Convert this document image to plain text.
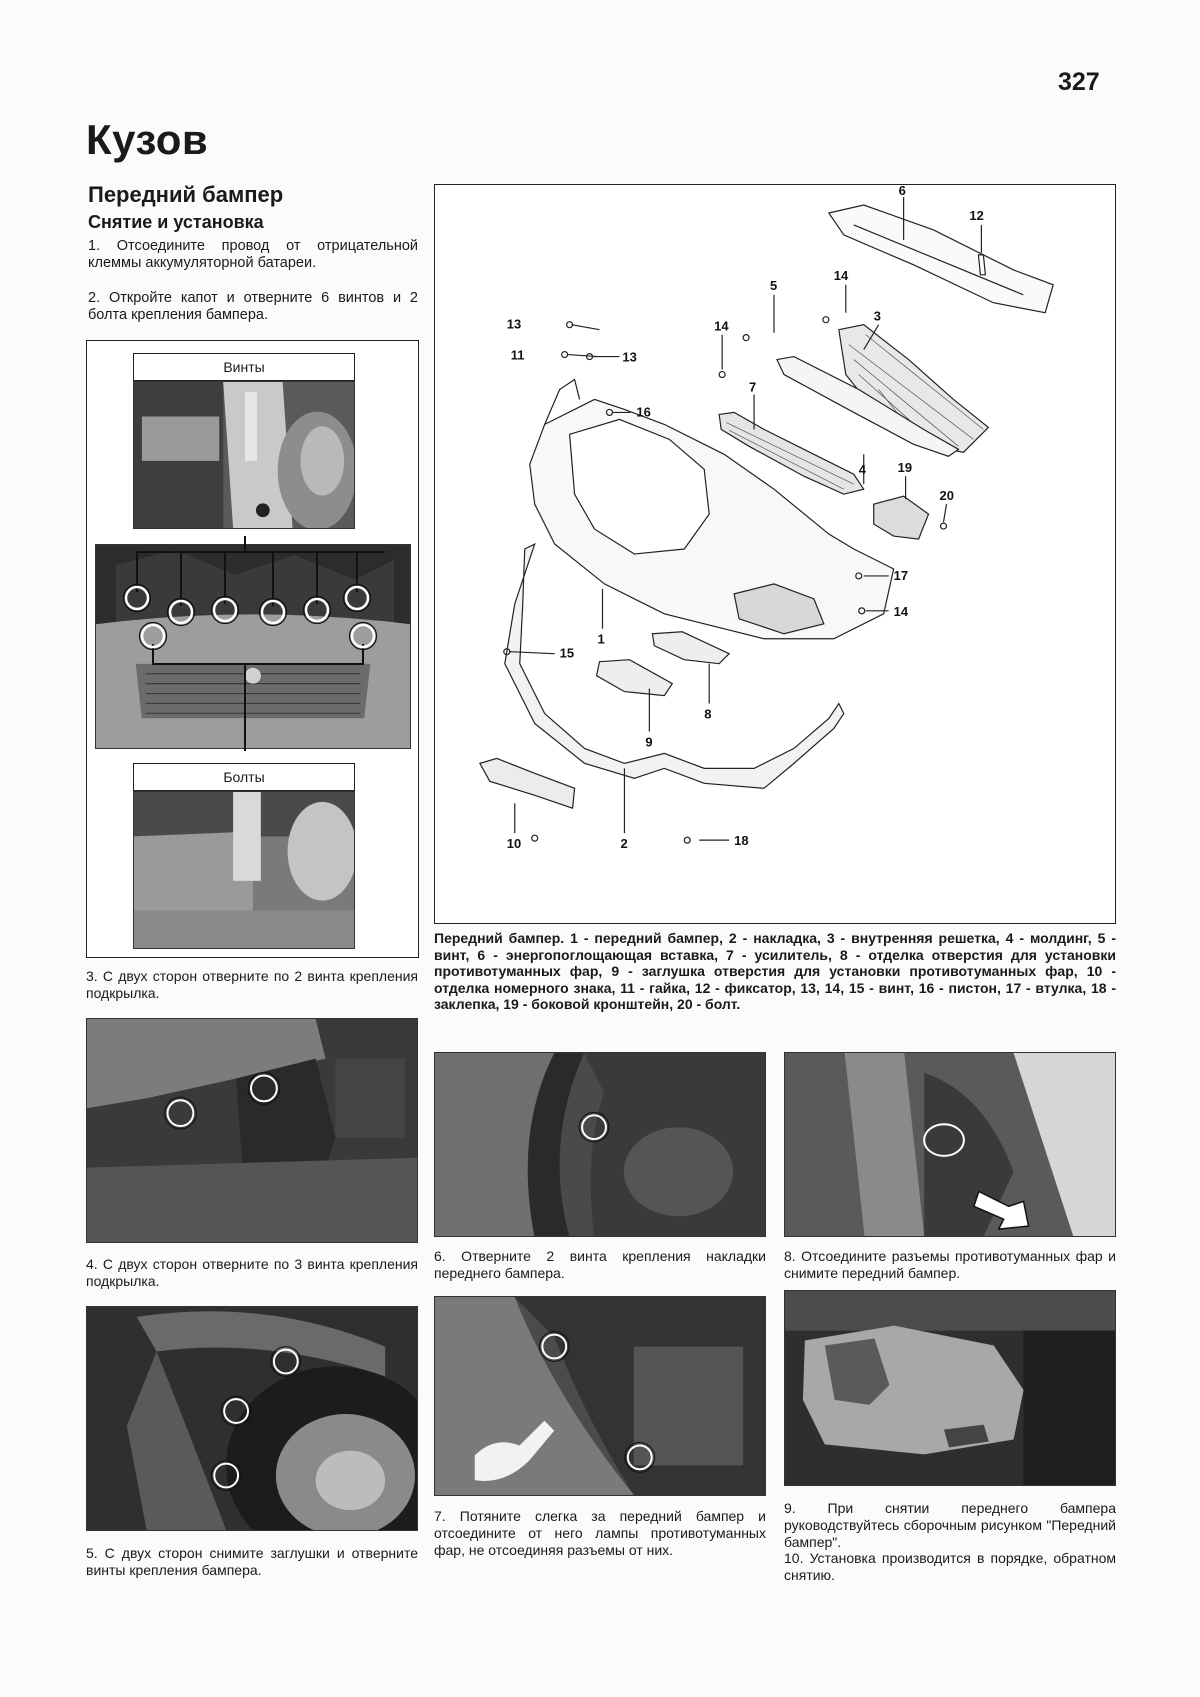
327
Кузов
Передний бампер
Снятие и установка

1. Отсоедините провод от отрицательной клеммы аккумуляторной батареи.

2. Откройте капот и отверните 6 винтов и 2 болта крепления бампера.

Винты
Болты
6
12
14
5
3
14
7
4 19
20
17
14
13
11	13
16
1
15
8
9
2
10	18

Передний бампер. 1 - передний бампер, 2 - накладка, 3 - внутренняя решетка, 4 - молдинг, 5 - винт, 6 - энергопоглощающая вставка, 7 - усилитель, 8 - отделка отверстия для установки противотуманных фар, 9 - заглушка отверстия для установки противотуманных фар, 10 - отделка номерного знака, 11 - гайка, 12 - фиксатор, 13, 14, 15 - винт, 16 - пистон, 17 - втулка, 18 - заклепка, 19 - боковой кронштейн, 20 - болт.

3. С двух сторон отверните по 2 винта крепления подкрылка.

4. С двух сторон отверните по 3 винта крепления подкрылка.

5. С двух сторон снимите заглушки и отверните винты крепления бампера.

6. Отверните 2 винта крепления накладки переднего бампера.

7. Потяните слегка за передний бампер и отсоедините от него лампы противотуманных фар, не отсоединяя разъемы от них.

8. Отсоедините разъемы противотуманных фар и снимите передний бампер.

9. При снятии переднего бампера руководствуйтесь сборочным рисунком "Передний бампер".

10. Установка производится в порядке, обратном снятию.
